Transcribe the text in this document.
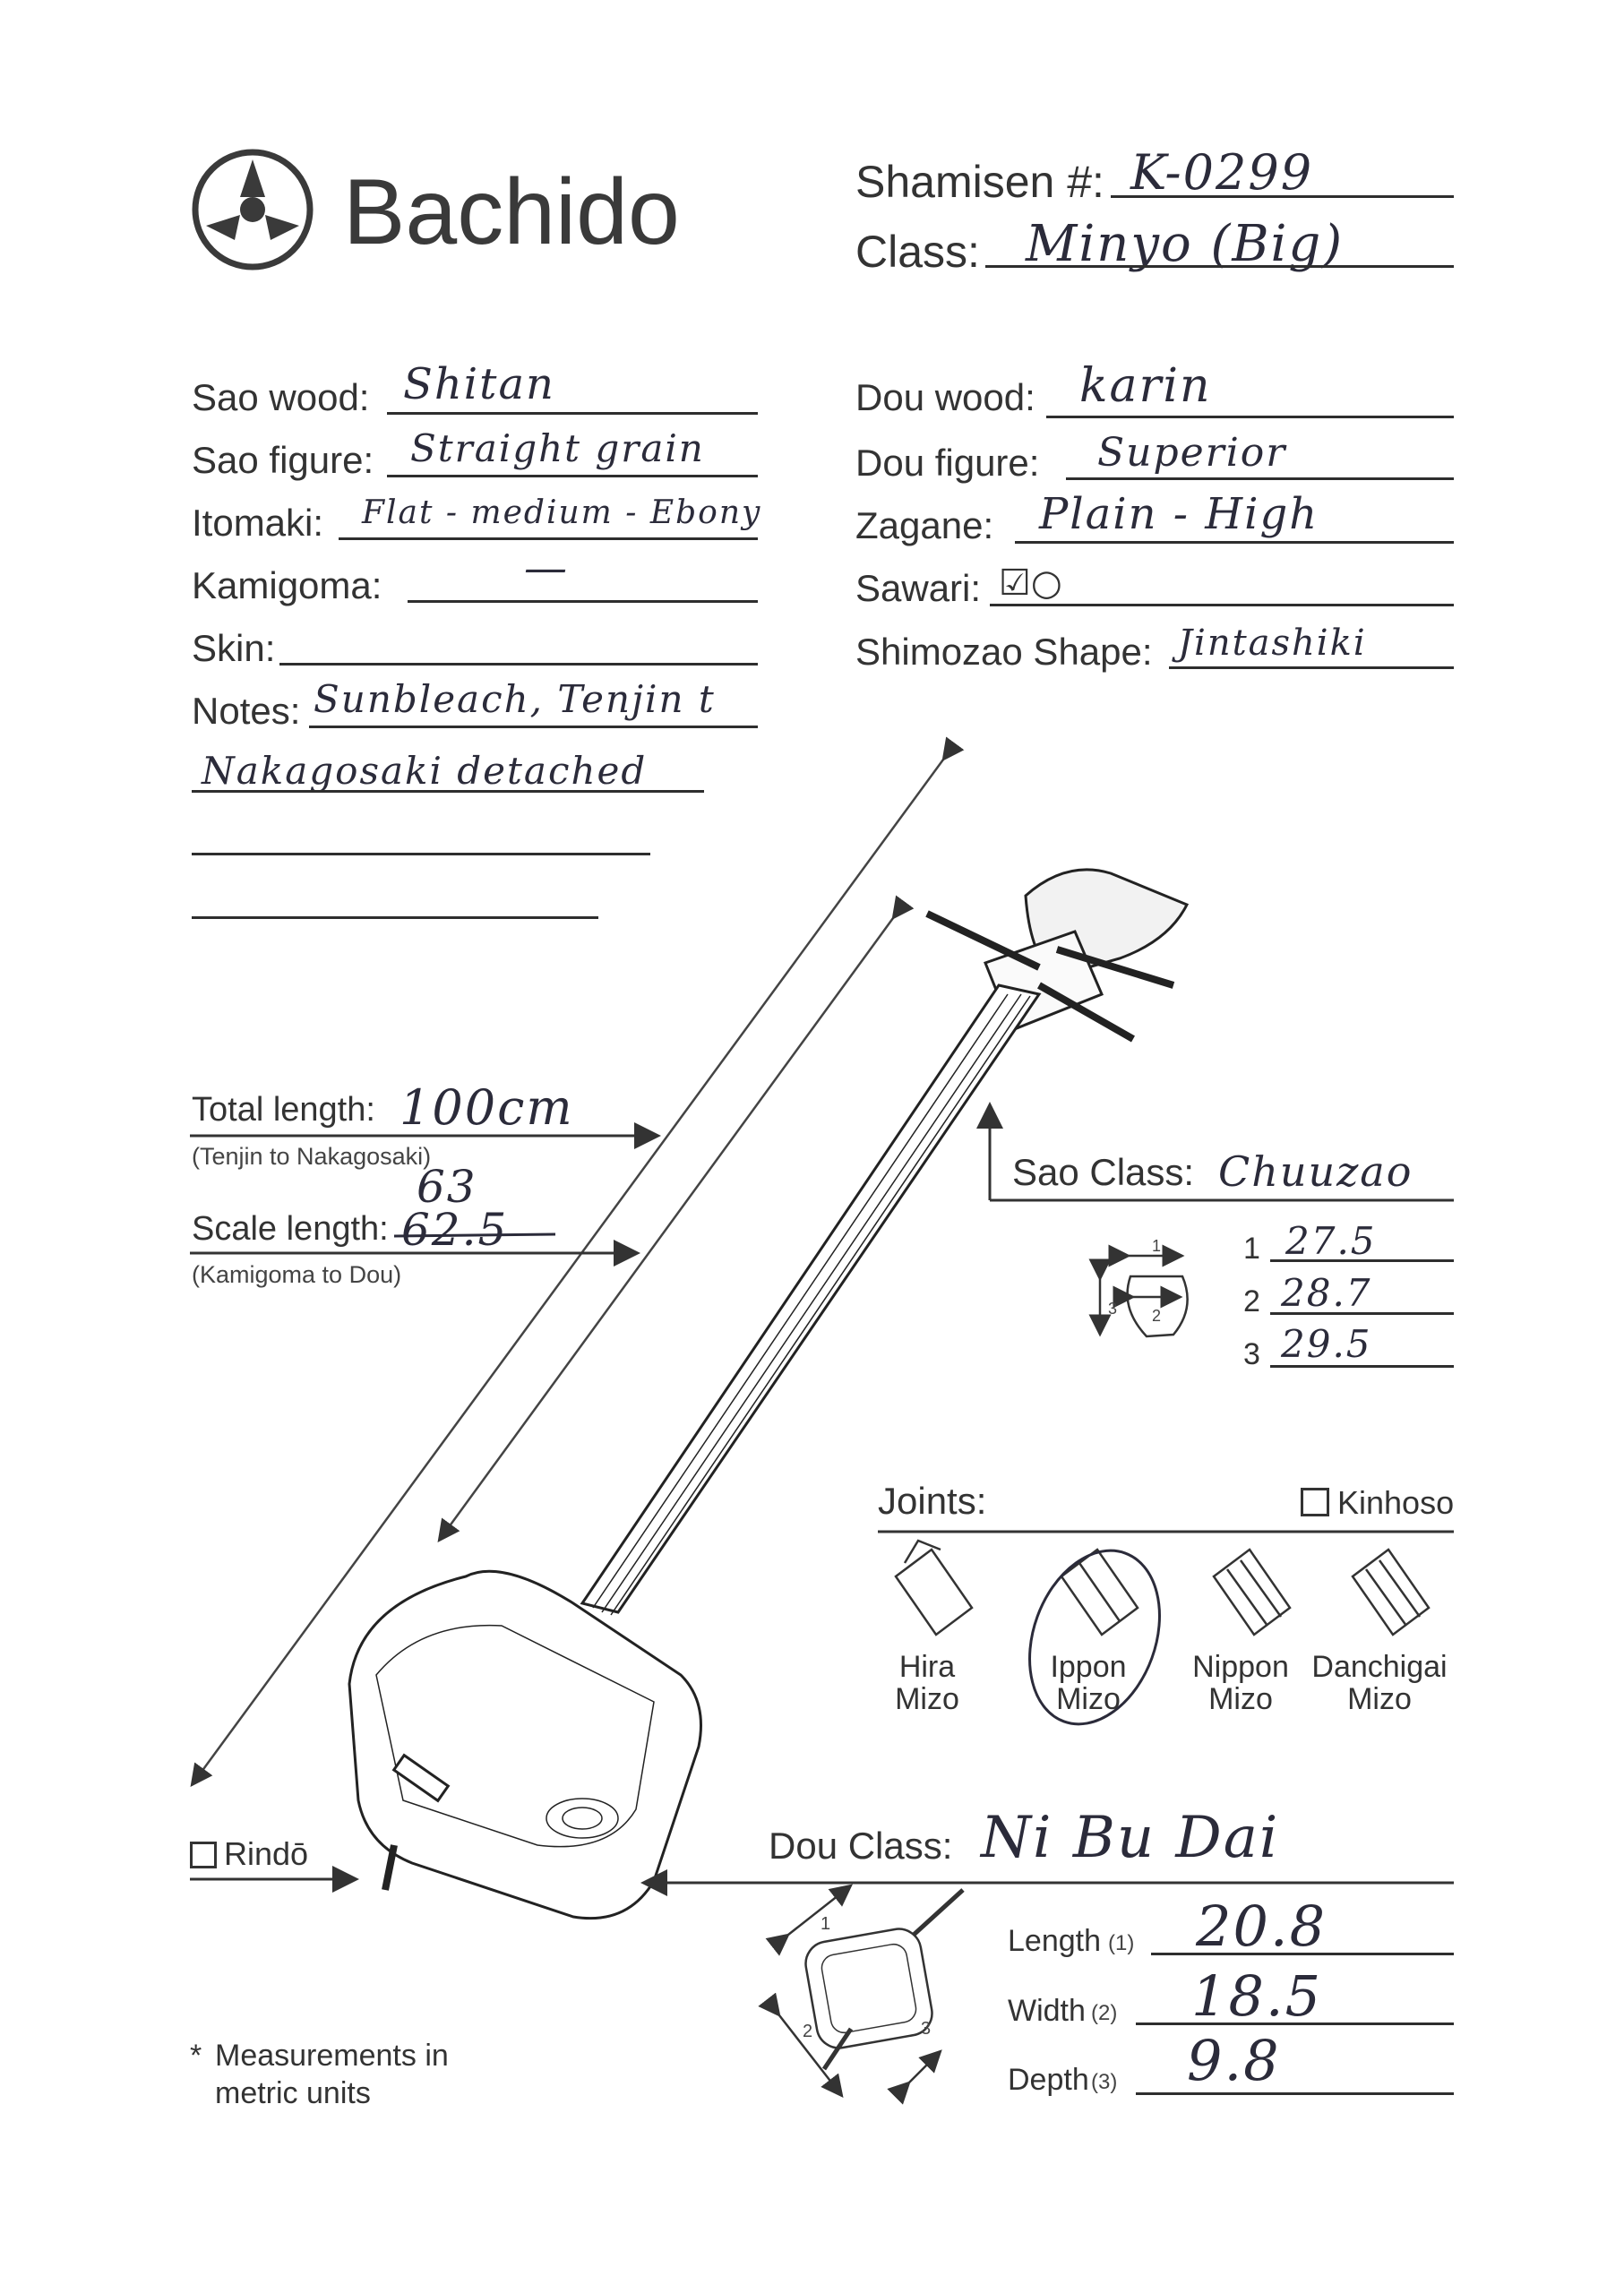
Bachido	Shamisen #: K-0299
Class: Minyo (Big)
Sao wood: Shitan
Sao figure: Straight grain
Itomaki: Flat - medium - Ebony
Kamigoma:	—
Skin:
Notes: Sunbleach, Tenjin t
Nakagosaki detached
Dou wood: karin
Dou figure: Superior
Zagane: Plain - High
Sawari: ☑○
Shimozao Shape: Jintashiki
Total length: 100cm
(Tenjin to Nakagosaki)
63
Scale length: 62.5
(Kamigoma to Dou)
Sao Class: Chuuzao
1
2
3
1 27.5
2 28.7
3 29.5
Joints:	Kinhoso
Hira
Mizo
Ippon
Mizo
Nippon
Mizo
Danchigai
Mizo
Rindō	Dou Class: Ni Bu Dai
1
2	3
Length (1) 20.8
Width (2) 18.5
Depth (3) 9.8
* Measurements in
metric units
